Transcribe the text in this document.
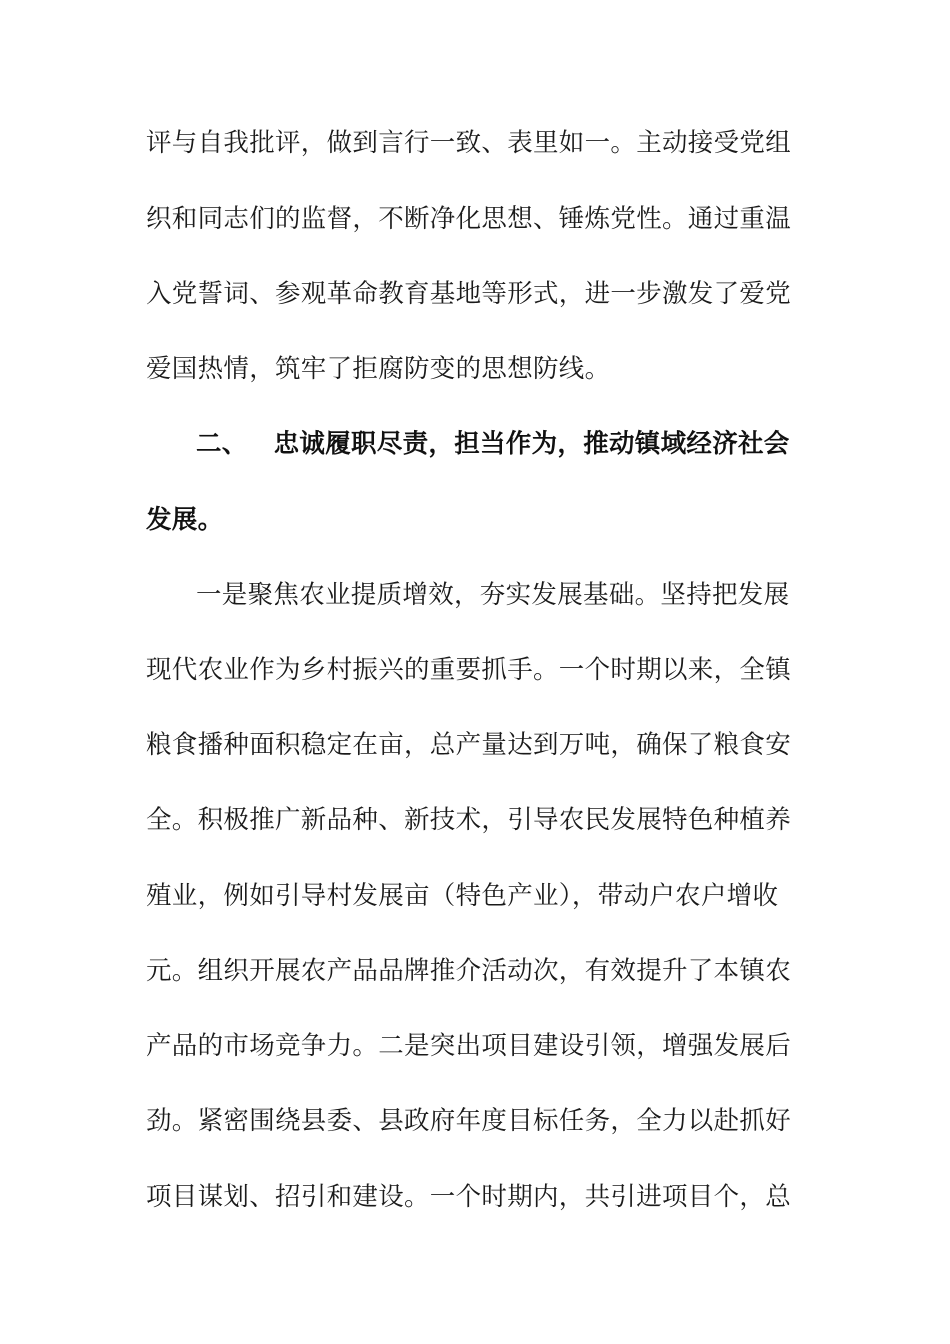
评与自我批评，做到言行一致、表里如一。主动接受党组
织和同志们的监督，不断净化思想、锤炼党性。通过重温
入党誓词、参观革命教育基地等形式，进一步激发了爱党
爱国热情，筑牢了拒腐防变的思想防线。
二、 忠诚履职尽责，担当作为，推动镇域经济社会
发展。
一是聚焦农业提质增效，夯实发展基础。坚持把发展
现代农业作为乡村振兴的重要抓手。一个时期以来，全镇
粮食播种面积稳定在亩，总产量达到万吨，确保了粮食安
全。积极推广新品种、新技术，引导农民发展特色种植养
殖业，例如引导村发展亩（特色产业），带动户农户增收
元。组织开展农产品品牌推介活动次，有效提升了本镇农
产品的市场竞争力。二是突出项目建设引领，增强发展后
劲。紧密围绕县委、县政府年度目标任务，全力以赴抓好
项目谋划、招引和建设。一个时期内，共引进项目个，总
